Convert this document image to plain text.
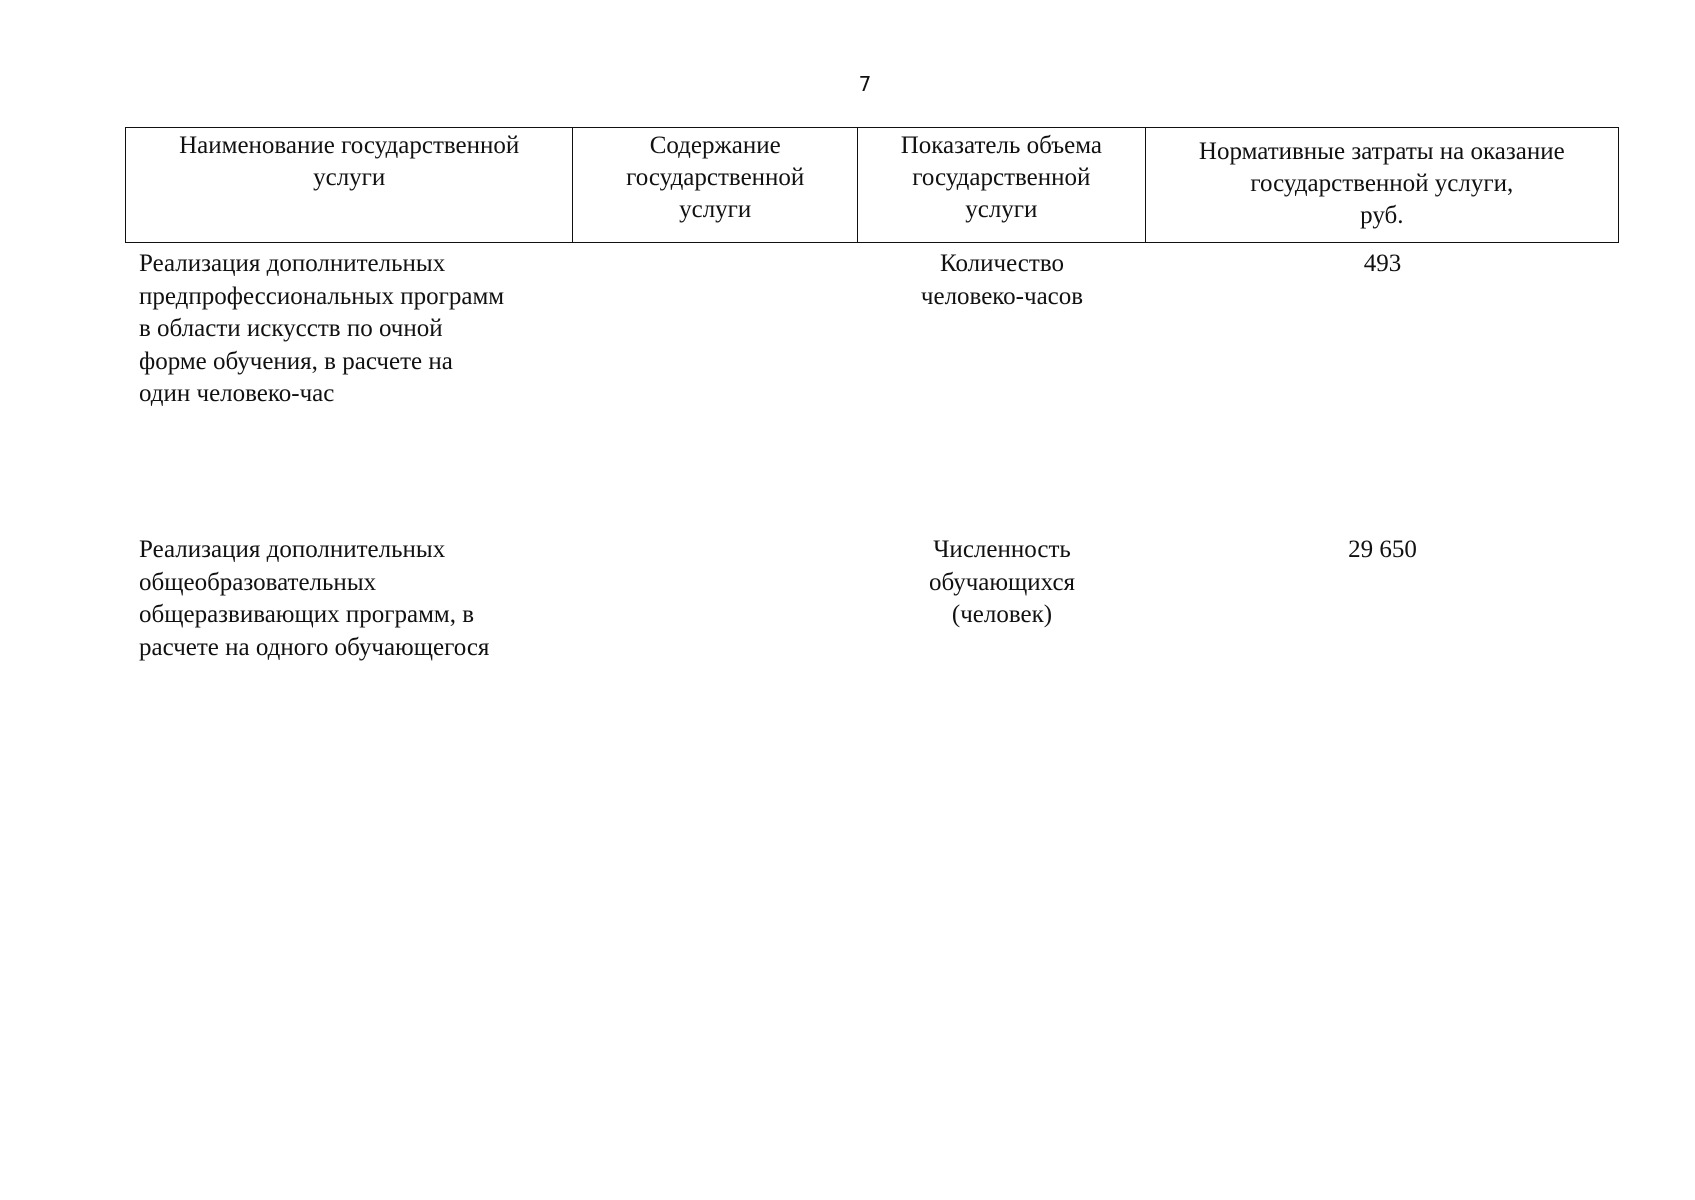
7
Наименование государственной
услуги
Содержание
государственной
услуги
Показатель объема
государственной
услуги
Нормативные затраты на оказание
государственной услуги,
руб.
Реализация дополнительных
предпрофессиональных программ
в области искусств по очной
форме обучения, в расчете на
один человеко-час
Количество
человеко-часов
493
Реализация дополнительных
общеобразовательных
общеразвивающих программ, в
расчете на одного обучающегося
Численность
обучающихся
(человек)
29 650
